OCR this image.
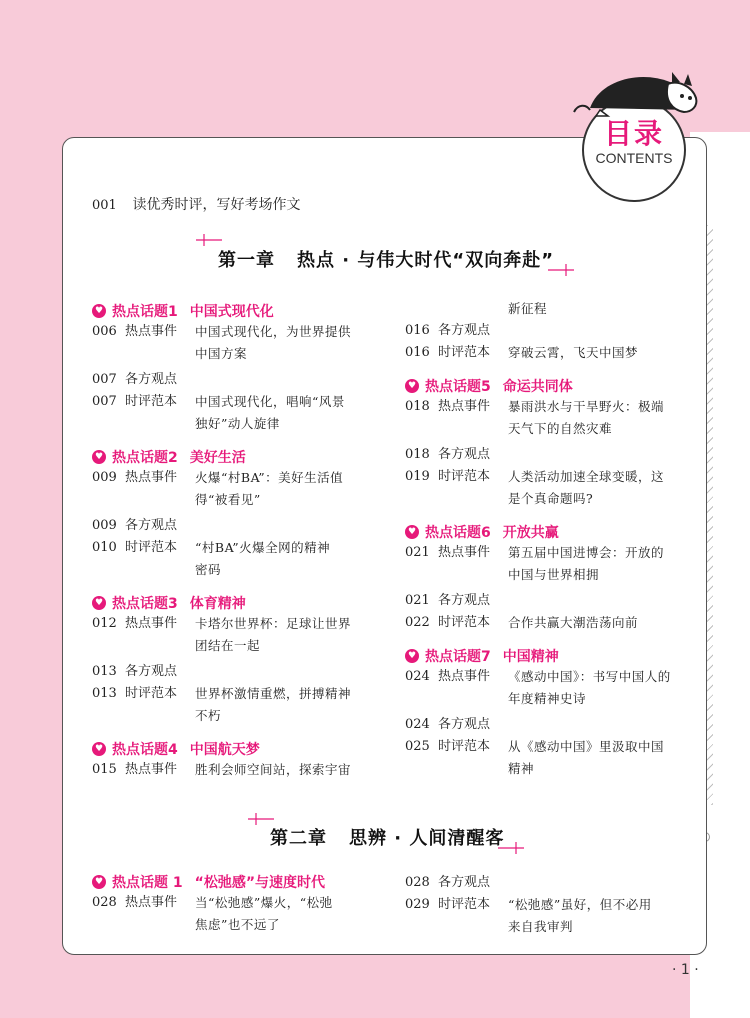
目录
CONTENTS
001 读优秀时评，写好考场作文
第一章 热点 · 与伟大时代“双向奔赴”
♥ 热点话题1 中国式现代化
006 热点事件	中国式现代化，为世界提供
中国方案
007 各方观点
007 时评范本	中国式现代化，唱响“风景
独好”动人旋律
♥ 热点话题2 美好生活
009 热点事件	火爆“村BA”：美好生活值
得“被看见”
009 各方观点
010 时评范本	“村BA”火爆全网的精神
密码
♥ 热点话题3 体育精神
012 热点事件	卡塔尔世界杯：足球让世界
团结在一起
013 各方观点
013 时评范本	世界杯激情重燃，拼搏精神
不朽
♥ 热点话题4 中国航天梦
015 热点事件	胜利会师空间站，探索宇宙
新征程
016 各方观点
016 时评范本	穿破云霄，飞天中国梦
♥ 热点话题5 命运共同体
018 热点事件	暴雨洪水与干旱野火：极端
天气下的自然灾难
018 各方观点
019 时评范本	人类活动加速全球变暖，这
是个真命题吗?
♥ 热点话题6 开放共赢
021 热点事件	第五届中国进博会：开放的
中国与世界相拥
021 各方观点
022 时评范本	合作共赢大潮浩荡向前
♥ 热点话题7 中国精神
024 热点事件	《感动中国》：书写中国人的
年度精神史诗
024 各方观点
025 时评范本	从《感动中国》里汲取中国
精神
第二章 思辨 · 人间清醒客
♥ 热点话题 1 “松弛感”与速度时代
028 热点事件	当“松弛感”爆火，“松弛
焦虑”也不远了
028 各方观点
029 时评范本	“松弛感”虽好，但不必用
来自我审判
· 1 ·
